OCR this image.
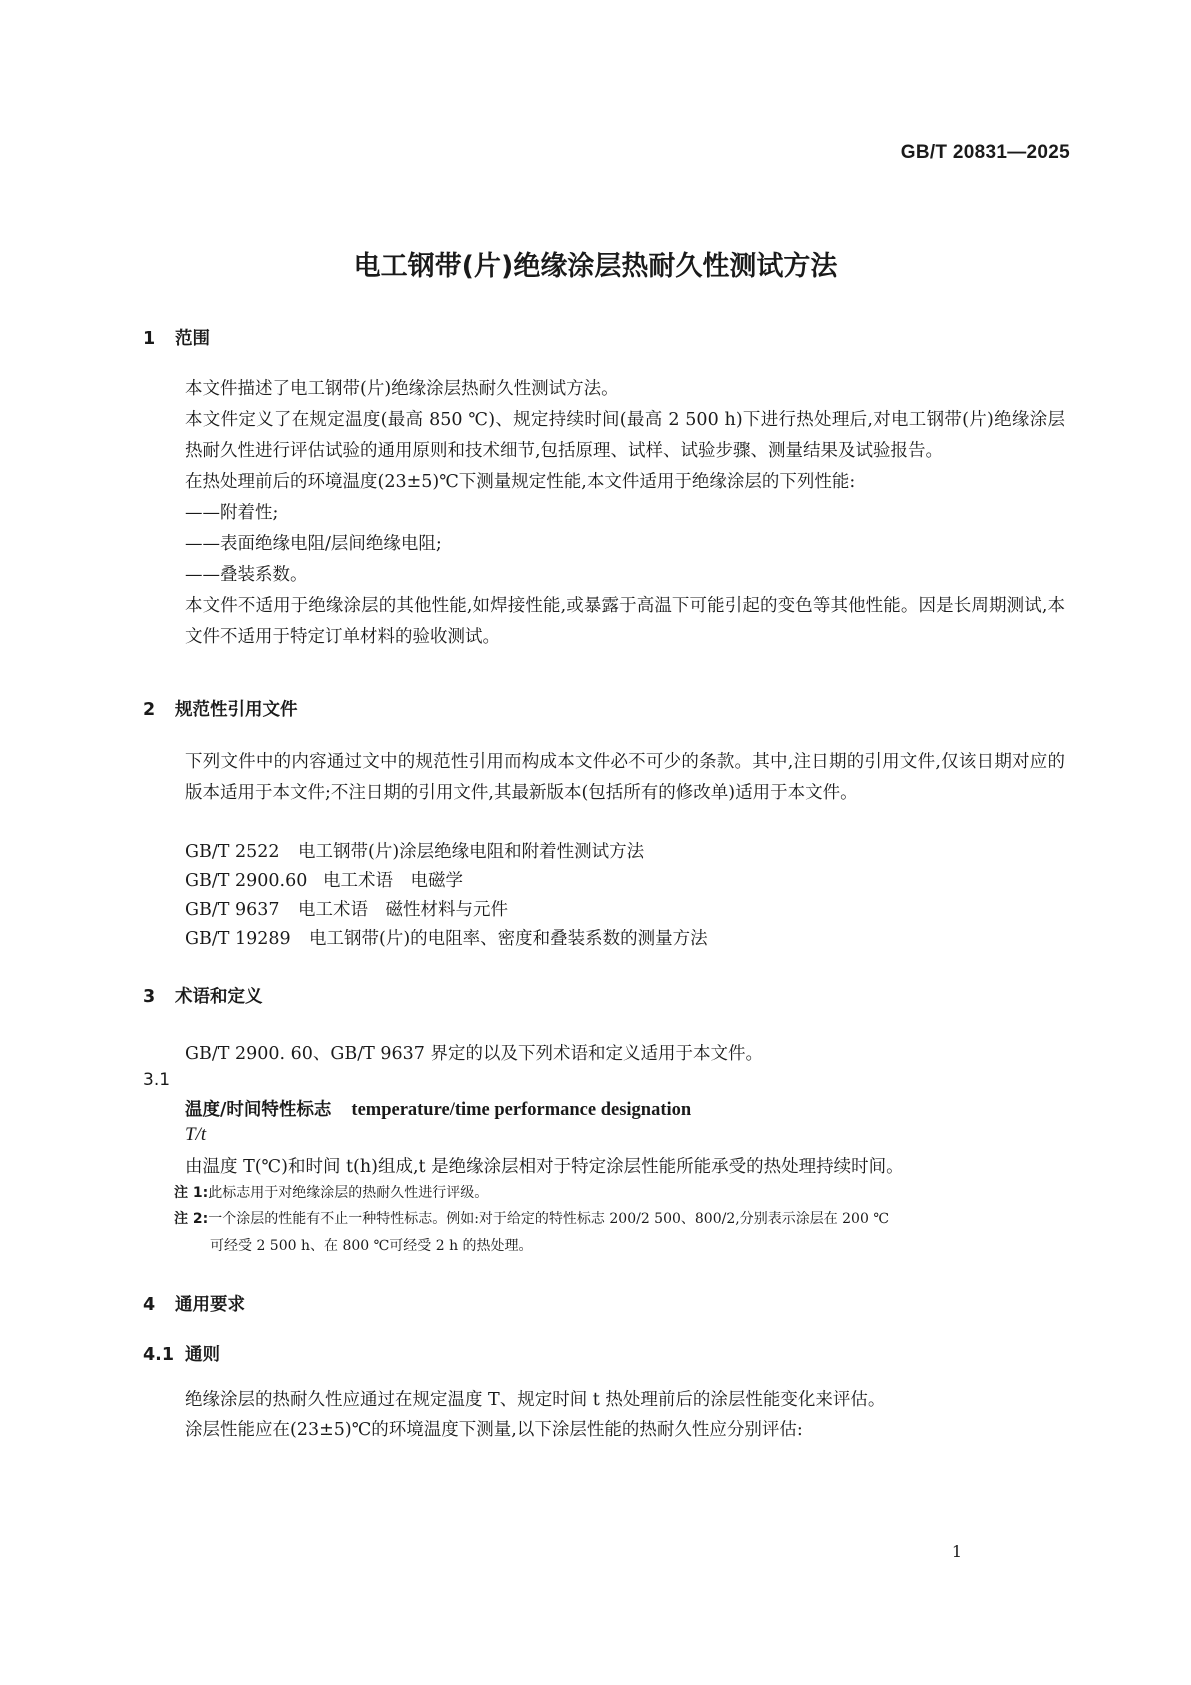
GB/T 20831—2025
电工钢带(片)绝缘涂层热耐久性测试方法
1 范围
本文件描述了电工钢带(片)绝缘涂层热耐久性测试方法。
本文件定义了在规定温度(最高 850 ℃)、规定持续时间(最高 2 500 h)下进行热处理后,对电工钢带(片)绝缘涂层热耐久性进行评估试验的通用原则和技术细节,包括原理、试样、试验步骤、测量结果及试验报告。
在热处理前后的环境温度(23±5)℃下测量规定性能,本文件适用于绝缘涂层的下列性能:
——附着性;
——表面绝缘电阻/层间绝缘电阻;
——叠装系数。
本文件不适用于绝缘涂层的其他性能,如焊接性能,或暴露于高温下可能引起的变色等其他性能。因是长周期测试,本文件不适用于特定订单材料的验收测试。
2 规范性引用文件
下列文件中的内容通过文中的规范性引用而构成本文件必不可少的条款。其中,注日期的引用文件,仅该日期对应的版本适用于本文件;不注日期的引用文件,其最新版本(包括所有的修改单)适用于本文件。
GB/T 2522 电工钢带(片)涂层绝缘电阻和附着性测试方法
GB/T 2900.60 电工术语　电磁学
GB/T 9637 电工术语　磁性材料与元件
GB/T 19289 电工钢带(片)的电阻率、密度和叠装系数的测量方法
3 术语和定义
GB/T 2900. 60、GB/T 9637 界定的以及下列术语和定义适用于本文件。
3.1
温度/时间特性标志 temperature/time performance designation
T/t
由温度 T(℃)和时间 t(h)组成,t 是绝缘涂层相对于特定涂层性能所能承受的热处理持续时间。
注 1:此标志用于对绝缘涂层的热耐久性进行评级。
注 2:一个涂层的性能有不止一种特性标志。例如:对于给定的特性标志 200/2 500、800/2,分别表示涂层在 200 ℃
可经受 2 500 h、在 800 ℃可经受 2 h 的热处理。
4 通用要求
4.1 通则
绝缘涂层的热耐久性应通过在规定温度 T、规定时间 t 热处理前后的涂层性能变化来评估。
涂层性能应在(23±5)℃的环境温度下测量,以下涂层性能的热耐久性应分别评估:
1
